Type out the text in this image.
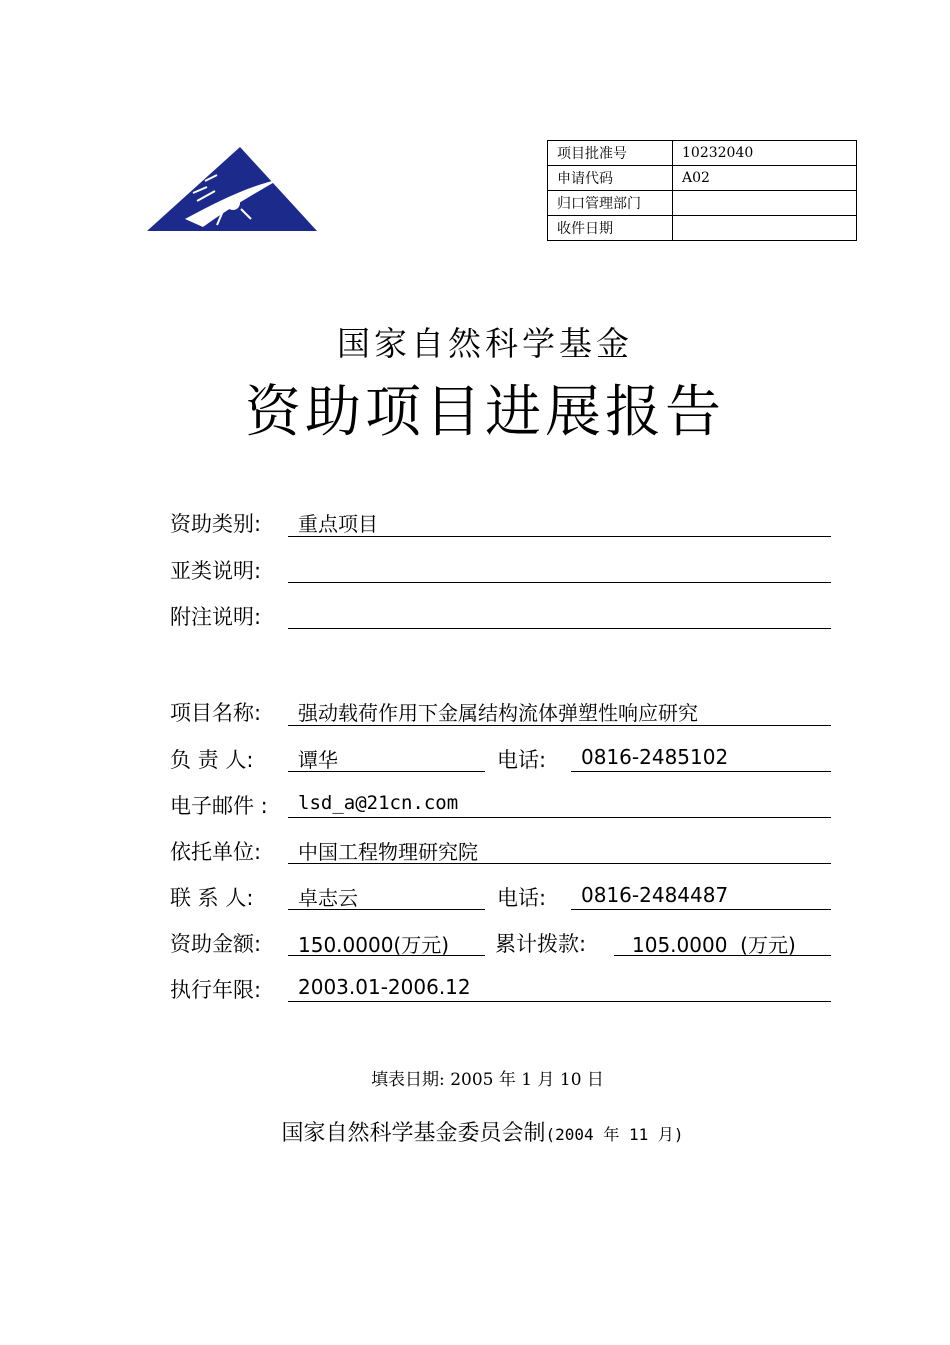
项目批准号	10232040
申请代码	A02
归口管理部门	
收件日期	
国家自然科学基金
资助项目进展报告
资助类别: 重点项目
亚类说明:
附注说明:
项目名称: 强动载荷作用下金属结构流体弹塑性响应研究
负 责 人: 谭华	电话: 0816-2485102
电子邮件 : lsd_a@21cn.com
依托单位: 中国工程物理研究院
联 系 人: 卓志云	电话: 0816-2484487
资助金额: 150.0000(万元) 累计拨款: 105.0000  (万元)
执行年限: 2003.01-2006.12
填表日期: 2005 年 1 月 10 日
国家自然科学基金委员会制(2004 年 11 月)
